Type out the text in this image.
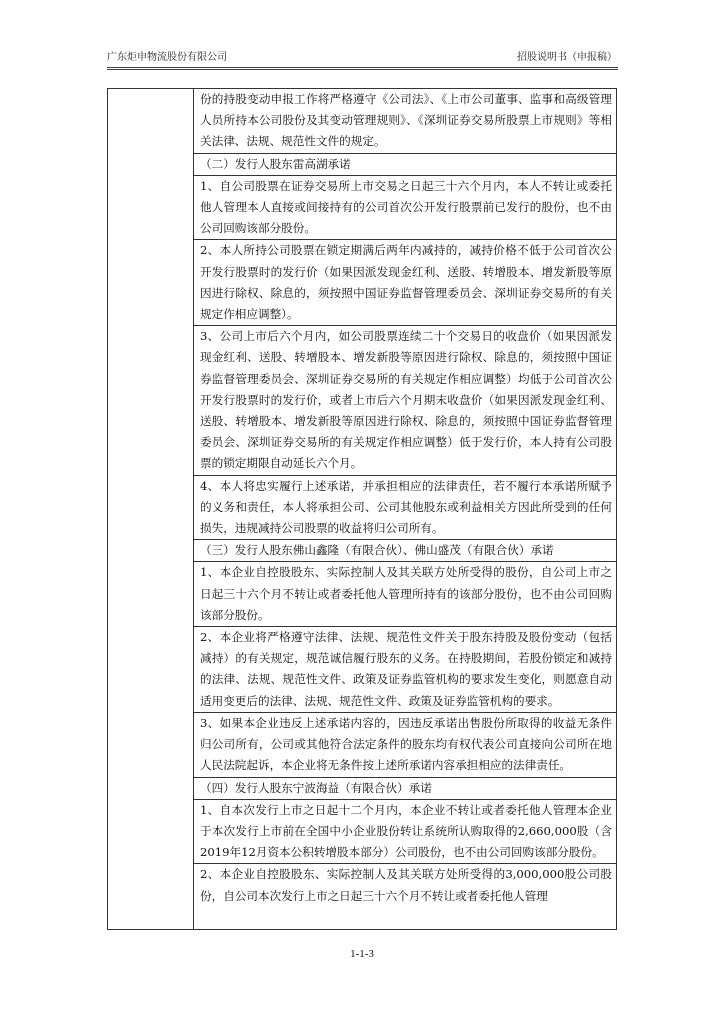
广东炬申物流股份有限公司	招股说明书（申报稿）

份的持股变动申报工作将严格遵守《公司法》、《上市公司董事、监事和高级管理人员所持本公司股份及其变动管理规则》、《深圳证券交易所股票上市规则》等相关法律、法规、规范性文件的规定。

（二）发行人股东雷高湖承诺

1、自公司股票在证券交易所上市交易之日起三十六个月内，本人不转让或委托他人管理本人直接或间接持有的公司首次公开发行股票前已发行的股份，也不由公司回购该部分股份。

2、本人所持公司股票在锁定期满后两年内减持的，减持价格不低于公司首次公开发行股票时的发行价（如果因派发现金红利、送股、转增股本、增发新股等原因进行除权、除息的，须按照中国证券监督管理委员会、深圳证券交易所的有关规定作相应调整）。

3、公司上市后六个月内，如公司股票连续二十个交易日的收盘价（如果因派发现金红利、送股、转增股本、增发新股等原因进行除权、除息的，须按照中国证券监督管理委员会、深圳证券交易所的有关规定作相应调整）均低于公司首次公开发行股票时的发行价，或者上市后六个月期末收盘价（如果因派发现金红利、送股、转增股本、增发新股等原因进行除权、除息的，须按照中国证券监督管理委员会、深圳证券交易所的有关规定作相应调整）低于发行价，本人持有公司股票的锁定期限自动延长六个月。

4、本人将忠实履行上述承诺，并承担相应的法律责任，若不履行本承诺所赋予的义务和责任，本人将承担公司、公司其他股东或利益相关方因此所受到的任何损失，违规减持公司股票的收益将归公司所有。

（三）发行人股东佛山鑫隆（有限合伙）、佛山盛茂（有限合伙）承诺

1、本企业自控股股东、实际控制人及其关联方处所受得的股份，自公司上市之日起三十六个月不转让或者委托他人管理所持有的该部分股份，也不由公司回购该部分股份。

2、本企业将严格遵守法律、法规、规范性文件关于股东持股及股份变动（包括减持）的有关规定，规范诚信履行股东的义务。在持股期间，若股份锁定和减持的法律、法规、规范性文件、政策及证券监管机构的要求发生变化，则愿意自动适用变更后的法律、法规、规范性文件、政策及证券监管机构的要求。

3、如果本企业违反上述承诺内容的，因违反承诺出售股份所取得的收益无条件归公司所有，公司或其他符合法定条件的股东均有权代表公司直接向公司所在地人民法院起诉，本企业将无条件按上述所承诺内容承担相应的法律责任。

（四）发行人股东宁波海益（有限合伙）承诺

1、自本次发行上市之日起十二个月内，本企业不转让或者委托他人管理本企业于本次发行上市前在全国中小企业股份转让系统所认购取得的2,660,000股（含2019年12月资本公积转增股本部分）公司股份，也不由公司回购该部分股份。

2、本企业自控股股东、实际控制人及其关联方处所受得的3,000,000股公司股份，自公司本次发行上市之日起三十六个月不转让或者委托他人管理

1-1-3
